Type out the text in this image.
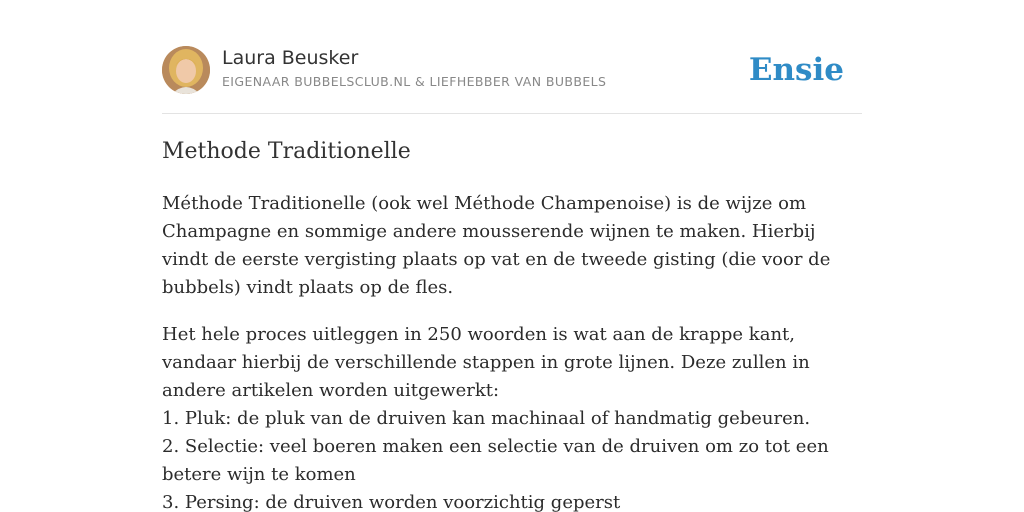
Laura Beusker
EIGENAAR BUBBELSCLUB.NL & LIEFHEBBER VAN BUBBELS	Ensie
Methode Traditionelle

Méthode Traditionelle (ook wel Méthode Champenoise) is de wijze om Champagne en sommige andere mousserende wijnen te maken. Hierbij vindt de eerste vergisting plaats op vat en de tweede gisting (die voor de bubbels) vindt plaats op de fles.

Het hele proces uitleggen in 250 woorden is wat aan de krappe kant, vandaar hierbij de verschillende stappen in grote lijnen. Deze zullen in andere artikelen worden uitgewerkt:
1. Pluk: de pluk van de druiven kan machinaal of handmatig gebeuren.
2. Selectie: veel boeren maken een selectie van de druiven om zo tot een betere wijn te komen
3. Persing: de druiven worden voorzichtig geperst
